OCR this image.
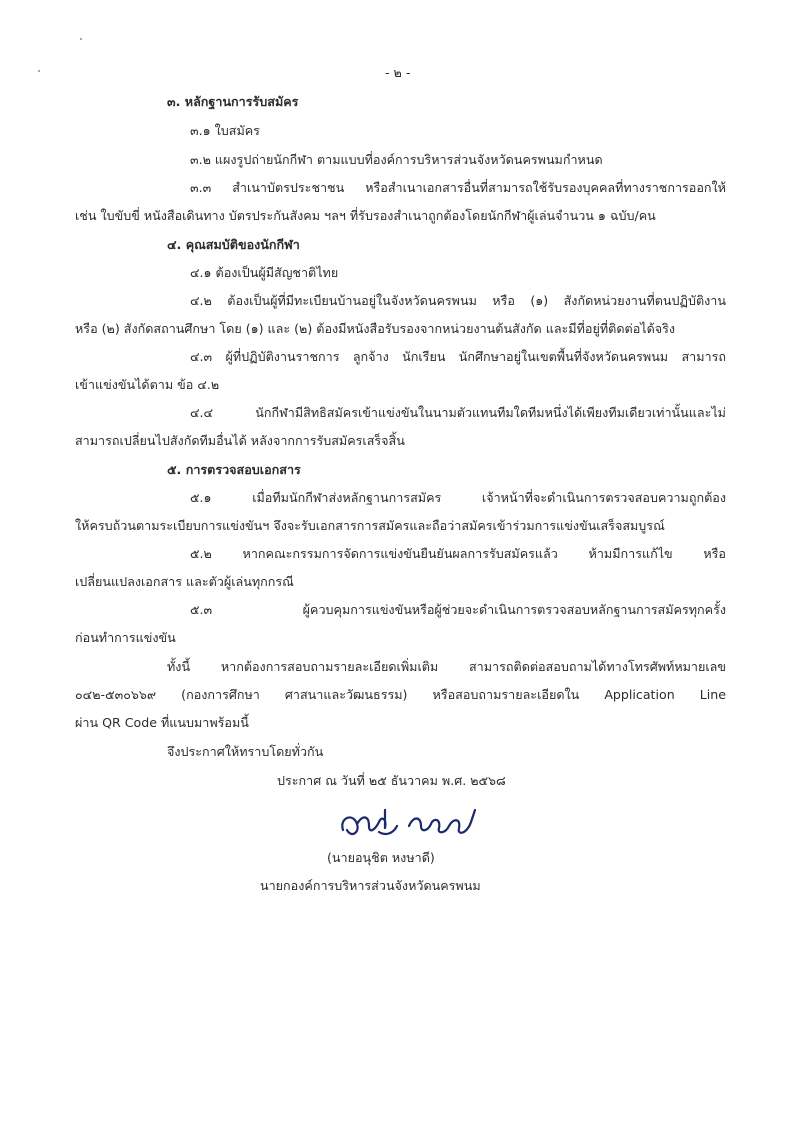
- ๒ -
๓. หลักฐานการรับสมัคร
๓.๑ ใบสมัคร
๓.๒ แผงรูปถ่ายนักกีฬา ตามแบบที่องค์การบริหารส่วนจังหวัดนครพนมกำหนด
๓.๓ สำเนาบัตรประชาชน หรือสำเนาเอกสารอื่นที่สามารถใช้รับรองบุคคลที่ทางราชการออกให้
เช่น ใบขับขี่ หนังสือเดินทาง บัตรประกันสังคม ฯลฯ ที่รับรองสำเนาถูกต้องโดยนักกีฬาผู้เล่นจำนวน ๑ ฉบับ/คน
๔. คุณสมบัติของนักกีฬา
๔.๑ ต้องเป็นผู้มีสัญชาติไทย
๔.๒ ต้องเป็นผู้ที่มีทะเบียนบ้านอยู่ในจังหวัดนครพนม หรือ (๑) สังกัดหน่วยงานที่ตนปฏิบัติงาน
หรือ (๒) สังกัดสถานศึกษา โดย (๑) และ (๒) ต้องมีหนังสือรับรองจากหน่วยงานต้นสังกัด และมีที่อยู่ที่ติดต่อได้จริง
๔.๓ ผู้ที่ปฏิบัติงานราชการ ลูกจ้าง นักเรียน นักศึกษาอยู่ในเขตพื้นที่จังหวัดนครพนม สามารถ
เข้าแข่งขันได้ตาม ข้อ ๔.๒
๔.๔ นักกีฬามีสิทธิสมัครเข้าแข่งขันในนามตัวแทนทีมใดทีมหนึ่งได้เพียงทีมเดียวเท่านั้นและไม่
สามารถเปลี่ยนไปสังกัดทีมอื่นได้ หลังจากการรับสมัครเสร็จสิ้น
๕. การตรวจสอบเอกสาร
๕.๑ เมื่อทีมนักกีฬาส่งหลักฐานการสมัคร เจ้าหน้าที่จะดำเนินการตรวจสอบความถูกต้อง
ให้ครบถ้วนตามระเบียบการแข่งขันฯ จึงจะรับเอกสารการสมัครและถือว่าสมัครเข้าร่วมการแข่งขันเสร็จสมบูรณ์
๕.๒ หากคณะกรรมการจัดการแข่งขันยืนยันผลการรับสมัครแล้ว ห้ามมีการแก้ไข หรือ
เปลี่ยนแปลงเอกสาร และตัวผู้เล่นทุกกรณี
๕.๓ ผู้ควบคุมการแข่งขันหรือผู้ช่วยจะดำเนินการตรวจสอบหลักฐานการสมัครทุกครั้ง
ก่อนทำการแข่งขัน
ทั้งนี้ หากต้องการสอบถามรายละเอียดเพิ่มเติม สามารถติดต่อสอบถามได้ทางโทรศัพท์หมายเลข
๐๔๒-๕๓๐๖๖๙ (กองการศึกษา ศาสนาและวัฒนธรรม) หรือสอบถามรายละเอียดใน Application Line
ผ่าน QR Code ที่แนบมาพร้อมนี้
จึงประกาศให้ทราบโดยทั่วกัน
ประกาศ ณ วันที่ ๒๕ ธันวาคม พ.ศ. ๒๕๖๘
(นายอนุชิต หงษาดี)
นายกองค์การบริหารส่วนจังหวัดนครพนม
